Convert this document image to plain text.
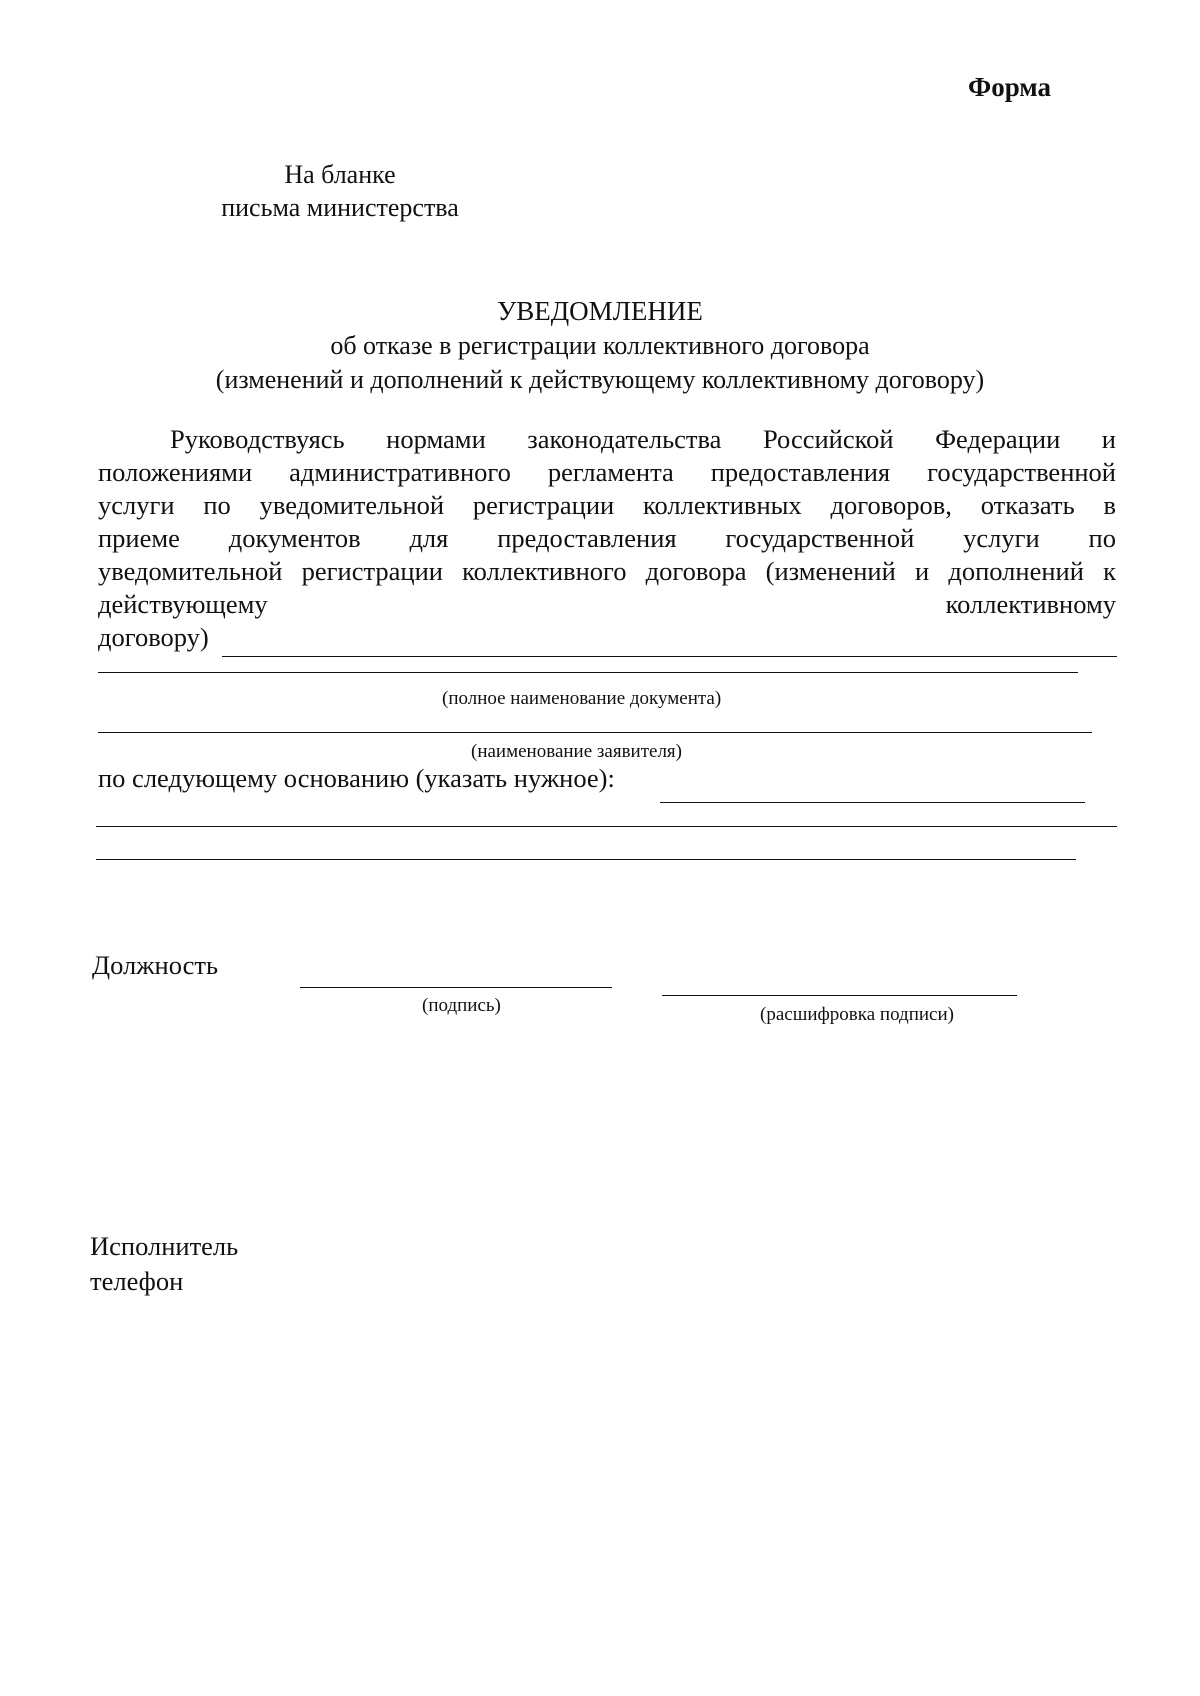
Форма
На бланке
письма министерства
УВЕДОМЛЕНИЕ
об отказе в регистрации коллективного договора
(изменений и дополнений к действующему коллективному договору)
Руководствуясь нормами законодательства Российской Федерации и
положениями административного регламента предоставления государственной
услуги по уведомительной регистрации коллективных договоров, отказать в
приеме документов для предоставления государственной услуги по
уведомительной регистрации коллективного договора (изменений и дополнений к
действующему	коллективному
договору)
(полное наименование документа)
(наименование заявителя)
по следующему основанию (указать нужное):
Должность
(подпись)	(расшифровка подписи)
Исполнитель
телефон
